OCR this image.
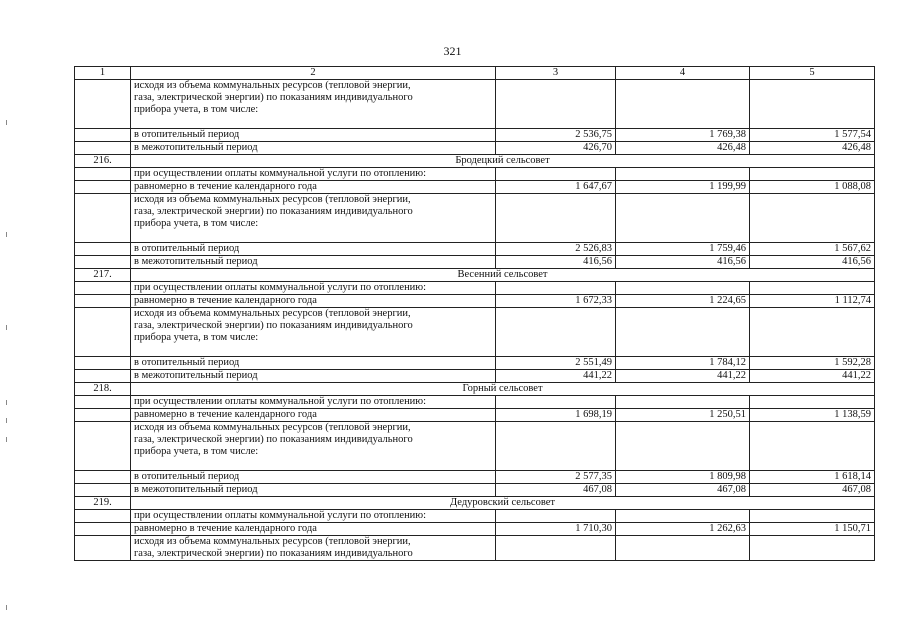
321
1	2	3	4	5

	исходя из объема коммунальных ресурсов (тепловой энергии,
газа, электрической энергии) по показаниям индивидуального
прибора учета, в том числе:			

	в отопительный период	2 536,75	1 769,38	1 577,54
	в межотопительный период	426,70	426,48	426,48
216.	Бродецкий сельсовет			

	при осуществлении оплаты коммунальной услуги по отоплению:			

	равномерно в течение календарного года	1 647,67	1 199,99	1 088,08

	исходя из объема коммунальных ресурсов (тепловой энергии,
газа, электрической энергии) по показаниям индивидуального
прибора учета, в том числе:			

	в отопительный период	2 526,83	1 759,46	1 567,62
	в межотопительный период	416,56	416,56	416,56
217.	Весенний сельсовет			

	при осуществлении оплаты коммунальной услуги по отоплению:			

	равномерно в течение календарного года	1 672,33	1 224,65	1 112,74

	исходя из объема коммунальных ресурсов (тепловой энергии,
газа, электрической энергии) по показаниям индивидуального
прибора учета, в том числе:			

	в отопительный период	2 551,49	1 784,12	1 592,28
	в межотопительный период	441,22	441,22	441,22
218.	Горный сельсовет			

	при осуществлении оплаты коммунальной услуги по отоплению:			

	равномерно в течение календарного года	1 698,19	1 250,51	1 138,59

	исходя из объема коммунальных ресурсов (тепловой энергии,
газа, электрической энергии) по показаниям индивидуального
прибора учета, в том числе:			

	в отопительный период	2 577,35	1 809,98	1 618,14
	в межотопительный период	467,08	467,08	467,08
219.	Дедуровский сельсовет			

	при осуществлении оплаты коммунальной услуги по отоплению:			

	равномерно в течение календарного года	1 710,30	1 262,63	1 150,71

	исходя из объема коммунальных ресурсов (тепловой энергии,
газа, электрической энергии) по показаниям индивидуального			
